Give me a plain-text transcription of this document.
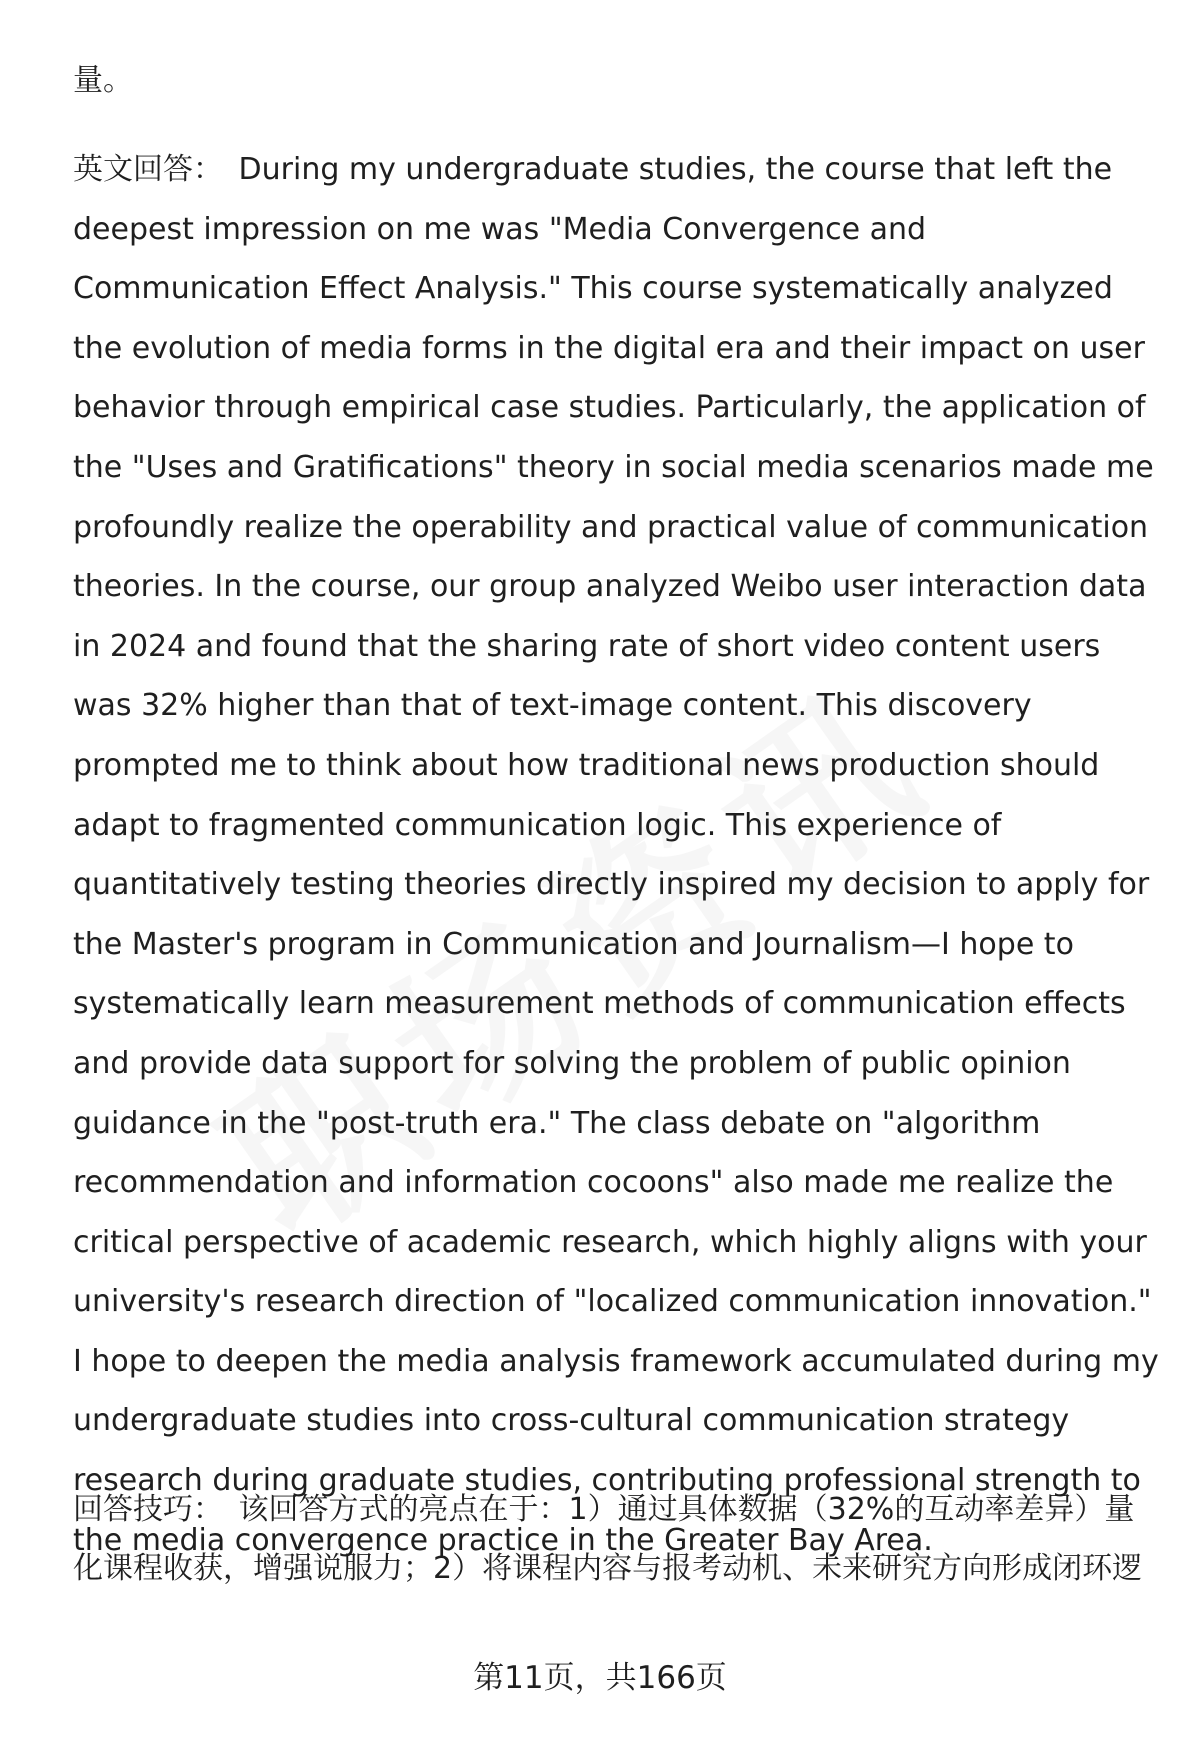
量。
英文回答： During my undergraduate studies, the course that left the deepest impression on me was "Media Convergence and Communication Effect Analysis." This course systematically analyzed the evolution of media forms in the digital era and their impact on user behavior through empirical case studies. Particularly, the application of the "Uses and Gratifications" theory in social media scenarios made me profoundly realize the operability and practical value of communication theories. In the course, our group analyzed Weibo user interaction data in 2024 and found that the sharing rate of short video content users was 32% higher than that of text-image content. This discovery prompted me to think about how traditional news production should adapt to fragmented communication logic. This experience of quantitatively testing theories directly inspired my decision to apply for the Master's program in Communication and Journalism—I hope to systematically learn measurement methods of communication effects and provide data support for solving the problem of public opinion guidance in the "post-truth era." The class debate on "algorithm recommendation and information cocoons" also made me realize the critical perspective of academic research, which highly aligns with your university's research direction of "localized communication innovation." I hope to deepen the media analysis framework accumulated during my undergraduate studies into cross-cultural communication strategy research during graduate studies, contributing professional strength to the media convergence practice in the Greater Bay Area.
回答技巧： 该回答方式的亮点在于：1）通过具体数据（32%的互动率差异）量化课程收获，增强说服力；2）将课程内容与报考动机、未来研究方向形成闭环逻
第11页，共166页
